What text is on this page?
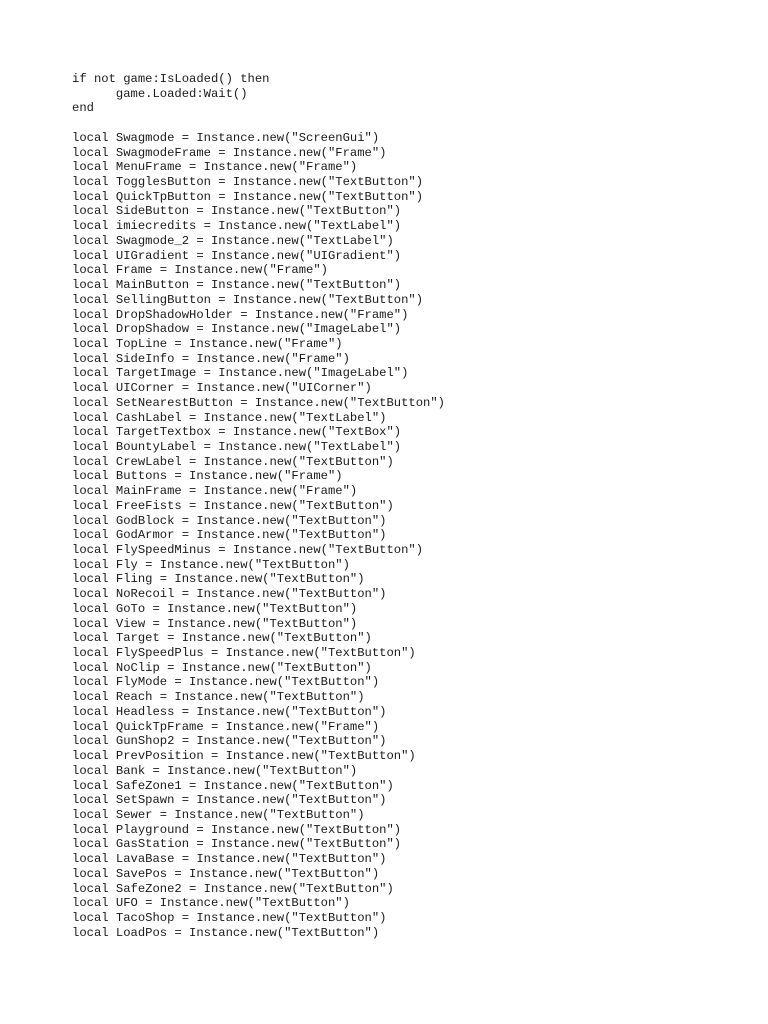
if not game:IsLoaded() then
game.Loaded:Wait()
end
local Swagmode = Instance.new("ScreenGui")
local SwagmodeFrame = Instance.new("Frame")
local MenuFrame = Instance.new("Frame")
local TogglesButton = Instance.new("TextButton")
local QuickTpButton = Instance.new("TextButton")
local SideButton = Instance.new("TextButton")
local imiecredits = Instance.new("TextLabel")
local Swagmode_2 = Instance.new("TextLabel")
local UIGradient = Instance.new("UIGradient")
local Frame = Instance.new("Frame")
local MainButton = Instance.new("TextButton")
local SellingButton = Instance.new("TextButton")
local DropShadowHolder = Instance.new("Frame")
local DropShadow = Instance.new("ImageLabel")
local TopLine = Instance.new("Frame")
local SideInfo = Instance.new("Frame")
local TargetImage = Instance.new("ImageLabel")
local UICorner = Instance.new("UICorner")
local SetNearestButton = Instance.new("TextButton")
local CashLabel = Instance.new("TextLabel")
local TargetTextbox = Instance.new("TextBox")
local BountyLabel = Instance.new("TextLabel")
local CrewLabel = Instance.new("TextButton")
local Buttons = Instance.new("Frame")
local MainFrame = Instance.new("Frame")
local FreeFists = Instance.new("TextButton")
local GodBlock = Instance.new("TextButton")
local GodArmor = Instance.new("TextButton")
local FlySpeedMinus = Instance.new("TextButton")
local Fly = Instance.new("TextButton")
local Fling = Instance.new("TextButton")
local NoRecoil = Instance.new("TextButton")
local GoTo = Instance.new("TextButton")
local View = Instance.new("TextButton")
local Target = Instance.new("TextButton")
local FlySpeedPlus = Instance.new("TextButton")
local NoClip = Instance.new("TextButton")
local FlyMode = Instance.new("TextButton")
local Reach = Instance.new("TextButton")
local Headless = Instance.new("TextButton")
local QuickTpFrame = Instance.new("Frame")
local GunShop2 = Instance.new("TextButton")
local PrevPosition = Instance.new("TextButton")
local Bank = Instance.new("TextButton")
local SafeZone1 = Instance.new("TextButton")
local SetSpawn = Instance.new("TextButton")
local Sewer = Instance.new("TextButton")
local Playground = Instance.new("TextButton")
local GasStation = Instance.new("TextButton")
local LavaBase = Instance.new("TextButton")
local SavePos = Instance.new("TextButton")
local SafeZone2 = Instance.new("TextButton")
local UFO = Instance.new("TextButton")
local TacoShop = Instance.new("TextButton")
local LoadPos = Instance.new("TextButton")
